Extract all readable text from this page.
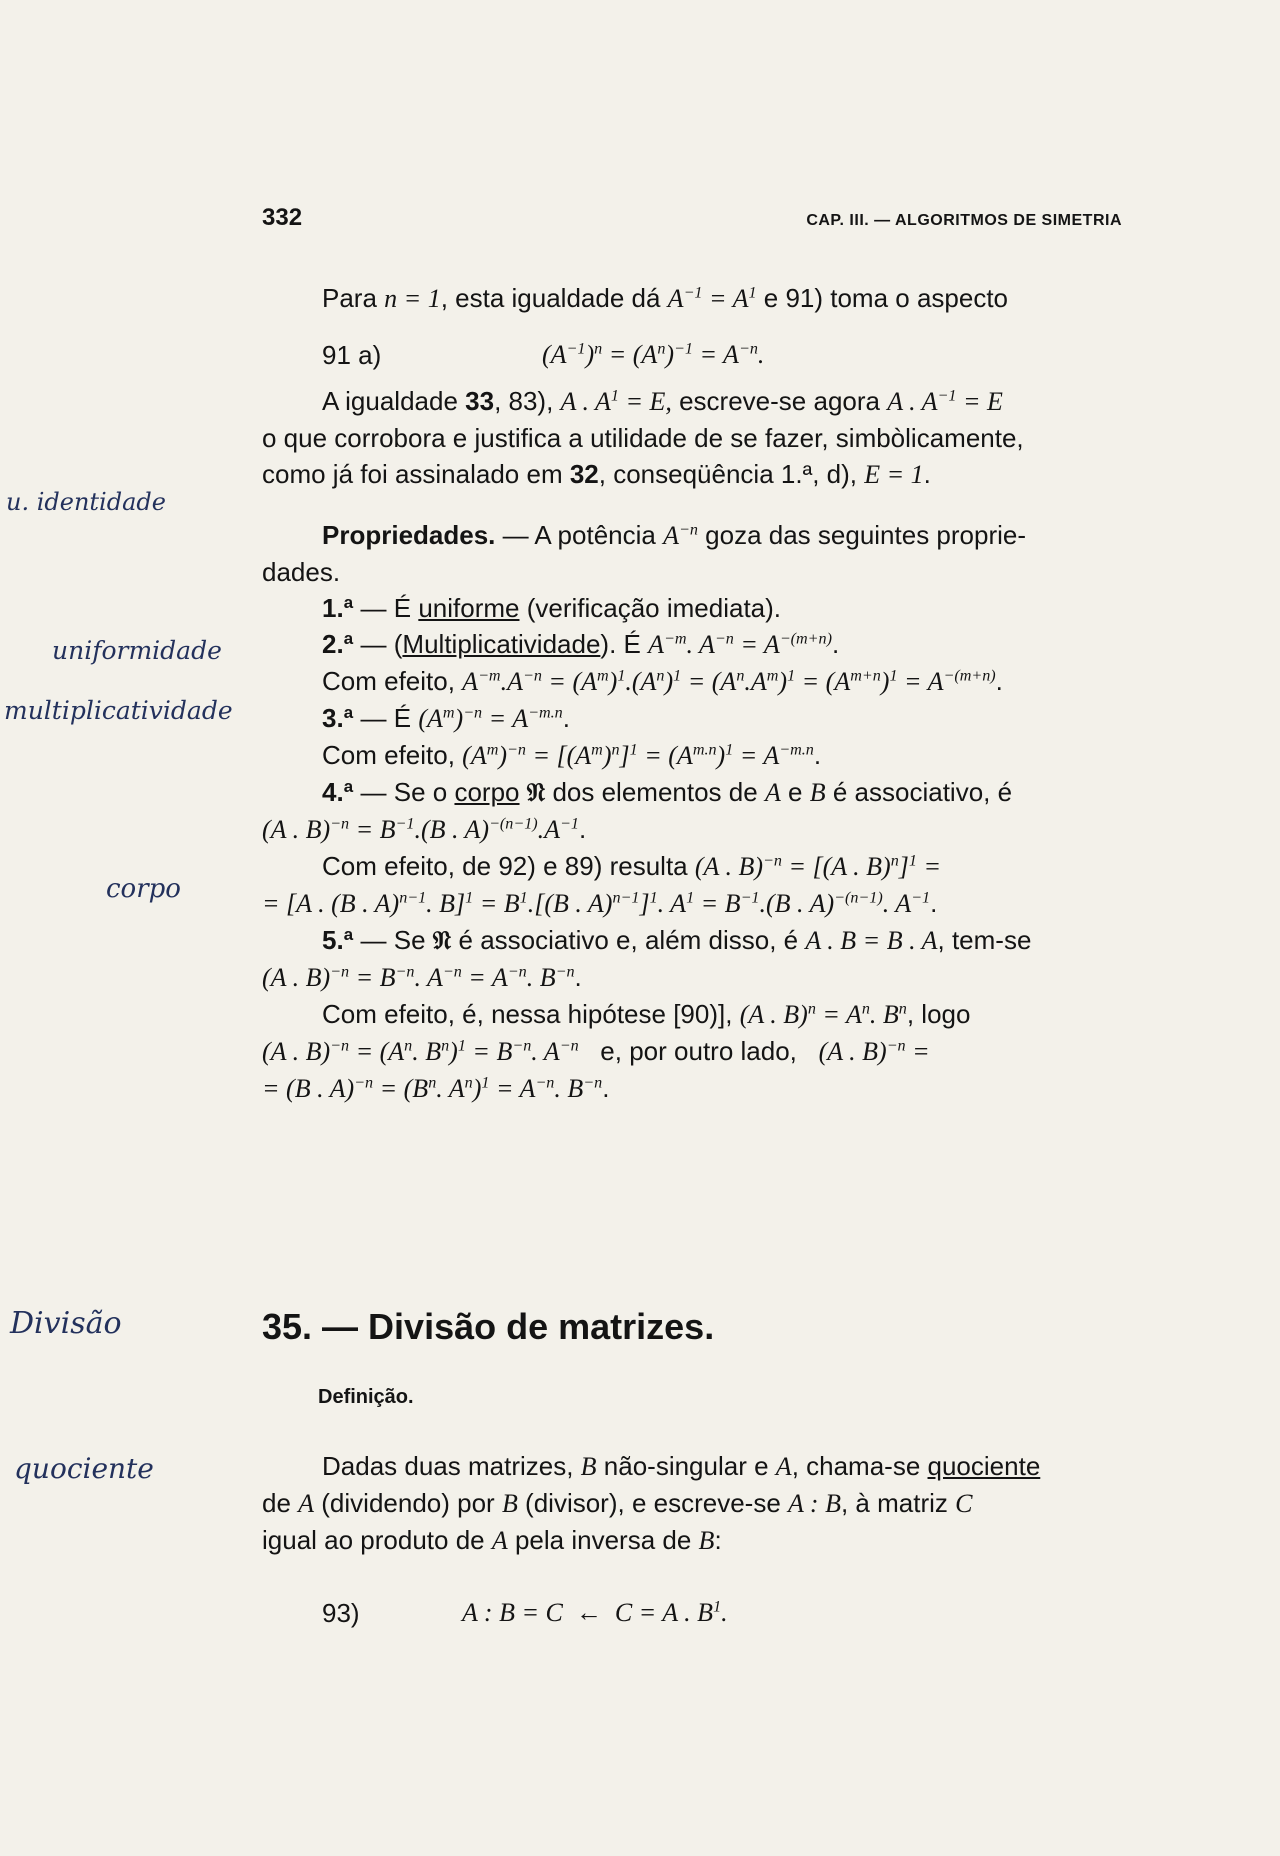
332	CAP. III. — ALGORITMOS DE SIMETRIA
Para n = 1, esta igualdade dá $A^{-1} = A^1$ e 91) toma o aspecto
91 a)	$(A^{-1})^n = (A^n)^{-1} = A^{-n}$.
A igualdade 33, 83), A . $A^1 = E$, escreve-se agora A . $A^{-1} = E$
o que corrobora e justifica a utilidade de se fazer, simbòlicamente,
como já foi assinalado em 32, conseqüência 1.ª, d), E = 1.
Propriedades. — A potência $A^{-n}$ goza das seguintes proprie-
dades.
1.ª — É uniforme (verificação imediata).
2.ª — (Multiplicatividade). É $A^{-m}$. $A^{-n} = A^{-(m+n)}$.
Com efeito, $A^{-m}.A^{-n} = (A^m)^1.(A^n)^1 = (A^n.A^m)^1 = (A^{m+n})^1 = A^{-(m+n)}$.
3.ª — É $(A^m)^{-n} = A^{-m.n}$.
Com efeito, $(A^m)^{-n} = [(A^m)^n]^1 = (A^{m.n})^1 = A^{-m.n}$.
4.ª — Se o corpo 𝔑 dos elementos de A e B é associativo, é
(A . $B)^{-n} = B^{-1}.(B$ . $A)^{-(n-1)}.A^{-1}$.
Com efeito, de 92) e 89) resulta (A . B)$^{-n}$ = [(A . B)$^n$]$^1$ =
= [A . (B . A)$^{n-1}$. $B]^1 = B^1.[(B$ . A)$^{n-1}$]$^1$. $A^1 = B^{-1}.(B$ . A)$^{-(n-1)}$. $A^{-1}$.
5.ª — Se 𝔑 é associativo e, além disso, é A . B = B . A, tem-se
(A . $B)^{-n} = B^{-n}$. $A^{-n} = A^{-n}$. $B^{-n}$.
Com efeito, é, nessa hipótese [90)], (A . $B)^n = A^n$. $B^n$, logo
(A . $B)^{-n} = (A^n$. $B^n)^1 = B^{-n}$. $A^{-n}$   e, por outro lado,   (A . B)$^{-n}$ =
= (B . $A)^{-n} = (B^n$. $A^n)^1 = A^{-n}$. $B^{-n}$.
35. — Divisão de matrizes.
Definição.
Dadas duas matrizes, B não-singular e A, chama-se quociente
de A (dividendo) por B (divisor), e escreve-se A : B, à matriz C
igual ao produto de A pela inversa de B:
93)	A : B = C  ←  C = A . $B^1$.
u. identidade
uniformidade
multiplicatividade
corpo
Divisão
quociente
